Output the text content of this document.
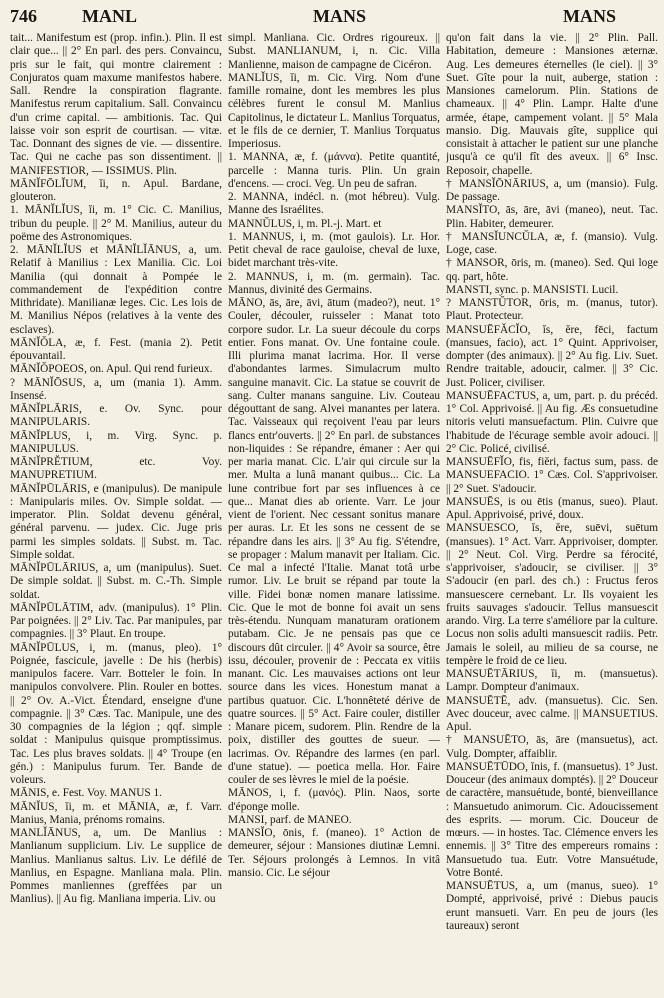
746	MANL	MANS	MANS

tait... Manifestum est (prop. infin.). Plin. Il est clair que... || 2° En parl. des pers. Convaincu, pris sur le fait, qui montre clairement : Conjuratos quam maxume manifestos habere. Sall. Rendre la conspiration flagrante. Manifestus rerum capitalium. Sall. Convaincu d'un crime capital. — ambitionis. Tac. Qui laisse voir son esprit de courtisan. — vitæ. Tac. Donnant des signes de vie. — dissentire. Tac. Qui ne cache pas son dissentiment. || MANIFESTIOR, — ISSIMUS. Plin.

MĀNĬFŌLĬUM, ĭi, n. Apul. Bardane, glouteron.

1. MĀNĬLĬUS, ĭi, m. 1° Cic. C. Manilius, tribun du peuple. || 2° M. Manilius, auteur du poëme des Astronomiques.

2. MĀNĬLĬUS et MĀNĬLĬĀNUS, a, um. Relatif à Manilius : Lex Manilia. Cic. Loi Manilia (qui donnait à Pompée le commandement de l'expédition contre Mithridate). Manilianæ leges. Cic. Les lois de M. Manilius Népos (relatives à la vente des esclaves).

MĀNĬŎLA, æ, f. Fest. (mania 2). Petit épouvantail.

MĀNĬŎPOEOS, on. Apul. Qui rend furieux.

? MĀNĬŌSUS, a, um (mania 1). Amm. Insensé.

MĀNĬPLĀRIS, e. Ov. Sync. pour MANIPULARIS.

MĀNĬPLUS, i, m. Virg. Sync. p. MANIPULUS.

MĀNĬPRĔTIUM, etc. Voy. MANUPRETIUM.

MĀNĬPŪLĀRIS, e (manipulus). De manipule : Manipularis miles. Ov. Simple soldat. — imperator. Plin. Soldat devenu général, général parvenu. — judex. Cic. Juge pris parmi les simples soldats. || Subst. m. Tac. Simple soldat.

MĀNĬPŪLĀRIUS, a, um (manipulus). Suet. De simple soldat. || Subst. m. C.-Th. Simple soldat.

MĀNĬPŪLĀTIM, adv. (manipulus). 1° Plin. Par poignées. || 2° Liv. Tac. Par manipules, par compagnies. || 3° Plaut. En troupe.

MĀNĬPŪLUS, i, m. (manus, pleo). 1° Poignée, fascicule, javelle : De his (herbis) manipulos facere. Varr. Botteler le foin. In manipulos convolvere. Plin. Rouler en bottes. || 2° Ov. A.-Vict. Étendard, enseigne d'une compagnie. || 3° Cæs. Tac. Manipule, une des 30 compagnies de la légion ; qqf. simple soldat : Manipulus quisque promptissimus. Tac. Les plus braves soldats. || 4° Troupe (en gén.) : Manipulus furum. Ter. Bande de voleurs.

MĀNIS, e. Fest. Voy. MANUS 1.

MĀNĬUS, ĭi, m. et MĀNIA, æ, f. Varr. Manius, Mania, prénoms romains.

MANLĬĀNUS, a, um. De Manlius : Manlianum supplicium. Liv. Le supplice de Manlius. Manlianus saltus. Liv. Le défilé de Manlius, en Espagne. Manliana mala. Plin. Pommes manliennes (greffées par un Manlius). || Au fig. Manliana imperia. Liv. ou

simpl. Manliana. Cic. Ordres rigoureux. || Subst. MANLIANUM, i, n. Cic. Villa Manlienne, maison de campagne de Cicéron.

MANLĬUS, ĭi, m. Cic. Virg. Nom d'une famille romaine, dont les membres les plus célèbres furent le consul M. Manlius Capitolinus, le dictateur L. Manlius Torquatus, et le fils de ce dernier, T. Manlius Torquatus Imperiosus.

1. MANNA, æ, f. (μάννα). Petite quantité, parcelle : Manna turis. Plin. Un grain d'encens. — croci. Veg. Un peu de safran.

2. MANNA, indécl. n. (mot hébreu). Vulg. Manne des Israélites.

MANNŬLUS, i, m. Pl.-j. Mart. et

1. MANNUS, i, m. (mot gaulois). Lr. Hor. Petit cheval de race gauloise, cheval de luxe, bidet marchant très-vite.

2. MANNUS, i, m. (m. germain). Tac. Mannus, divinité des Germains.

MĀNO, ās, āre, āvi, ātum (madeo?), neut. 1° Couler, découler, ruisseler : Manat toto corpore sudor. Lr. La sueur découle du corps entier. Fons manat. Ov. Une fontaine coule. Illi plurima manat lacrima. Hor. Il verse d'abondantes larmes. Simulacrum multo sanguine manavit. Cic. La statue se couvrit de sang. Culter manans sanguine. Liv. Couteau dégouttant de sang. Alvei manantes per latera. Tac. Vaisseaux qui reçoivent l'eau par leurs flancs entr'ouverts. || 2° En parl. de substances non-liquides : Se répandre, émaner : Aer qui per maria manat. Cic. L'air qui circule sur la mer. Multa a lunâ manant quibus... Cic. La lune contribue fort par ses influences à ce que... Manat dies ab oriente. Varr. Le jour vient de l'orient. Nec cessant sonitus manare per auras. Lr. Et les sons ne cessent de se répandre dans les airs. || 3° Au fig. S'étendre, se propager : Malum manavit per Italiam. Cic. Ce mal a infecté l'Italie. Manat totâ urbe rumor. Liv. Le bruit se répand par toute la ville. Fidei bonæ nomen manare latissime. Cic. Que le mot de bonne foi avait un sens très-étendu. Nunquam manaturam orationem putabam. Cic. Je ne pensais pas que ce discours dût circuler. || 4° Avoir sa source, être issu, découler, provenir de : Peccata ex vitiis manant. Cic. Les mauvaises actions ont leur source dans les vices. Honestum manat a partibus quatuor. Cic. L'honnêteté dérive de quatre sources. || 5° Act. Faire couler, distiller : Manare picem, sudorem. Plin. Rendre de la poix, distiller des gouttes de sueur. — lacrimas. Ov. Répandre des larmes (en parl. d'une statue). — poetica mella. Hor. Faire couler de ses lèvres le miel de la poésie.

MĀNOS, i, f. (μανός). Plin. Naos, sorte d'éponge molle.

MANSI, parf. de MANEO.

MANSĬO, ōnis, f. (maneo). 1° Action de demeurer, séjour : Mansiones diutinæ Lemni. Ter. Séjours prolongés à Lemnos. In vitâ mansio. Cic. Le séjour

qu'on fait dans la vie. || 2° Plin. Pall. Habitation, demeure : Mansiones æternæ. Aug. Les demeures éternelles (le ciel). || 3° Suet. Gîte pour la nuit, auberge, station : Mansiones camelorum. Plin. Stations de chameaux. || 4° Plin. Lampr. Halte d'une armée, étape, campement volant. || 5° Mala mansio. Dig. Mauvais gîte, supplice qui consistait à attacher le patient sur une planche jusqu'à ce qu'il fît des aveux. || 6° Insc. Reposoir, chapelle.

† MANSĬŌNĀRIUS, a, um (mansio). Fulg. De passage.

MANSĬTO, ās, āre, āvi (maneo), neut. Tac. Plin. Habiter, demeurer.

† MANSĬUNCŬLA, æ, f. (mansio). Vulg. Loge, case.

† MANSOR, ōris, m. (maneo). Sed. Qui loge qq. part, hôte.

MANSTI, sync. p. MANSISTI. Lucil.

? MANSTŬTOR, ōris, m. (manus, tutor). Plaut. Protecteur.

MANSUĒFĂCĬO, ĭs, ĕre, fēci, factum (mansues, facio), act. 1° Quint. Apprivoiser, dompter (des animaux). || 2° Au fig. Liv. Suet. Rendre traitable, adoucir, calmer. || 3° Cic. Just. Policer, civiliser.

MANSUĒFACTUS, a, um, part. p. du précéd. 1° Col. Apprivoisé. || Au fig. Æs consuetudine nitoris veluti mansuefactum. Plin. Cuivre que l'habitude de l'écurage semble avoir adouci. || 2° Cic. Policé, civilisé.

MANSUĒFĬO, fis, fiĕri, factus sum, pass. de MANSUEFACIO. 1° Cæs. Col. S'apprivoiser. || 2° Suet. S'adoucir.

MANSUĒS, is ou ētis (manus, sueo). Plaut. Apul. Apprivoisé, privé, doux.

MANSUESCO, ĭs, ĕre, suēvi, suētum (mansues). 1° Act. Varr. Apprivoiser, dompter. || 2° Neut. Col. Virg. Perdre sa férocité, s'apprivoiser, s'adoucir, se civiliser. || 3° S'adoucir (en parl. des ch.) : Fructus feros mansuescere cernebant. Lr. Ils voyaient les fruits sauvages s'adoucir. Tellus mansuescit arando. Virg. La terre s'améliore par la culture. Locus non solis adulti mansuescit radiis. Petr. Jamais le soleil, au milieu de sa course, ne tempère le froid de ce lieu.

MANSUĒTĀRIUS, ĭi, m. (mansuetus). Lampr. Dompteur d'animaux.

MANSUĒTĒ, adv. (mansuetus). Cic. Sen. Avec douceur, avec calme. || MANSUETIUS. Apul.

† MANSUĒTO, ās, āre (mansuetus), act. Vulg. Dompter, affaiblir.

MANSUĒTŪDO, ĭnis, f. (mansuetus). 1° Just. Douceur (des animaux domptés). || 2° Douceur de caractère, mansuétude, bonté, bienveillance : Mansuetudo animorum. Cic. Adoucissement des esprits. — morum. Cic. Douceur de mœurs. — in hostes. Tac. Clémence envers les ennemis. || 3° Titre des empereurs romains : Mansuetudo tua. Eutr. Votre Mansuétude, Votre Bonté.

MANSUĒTUS, a, um (manus, sueo). 1° Dompté, apprivoisé, privé : Diebus paucis erunt mansueti. Varr. En peu de jours (les taureaux) seront
